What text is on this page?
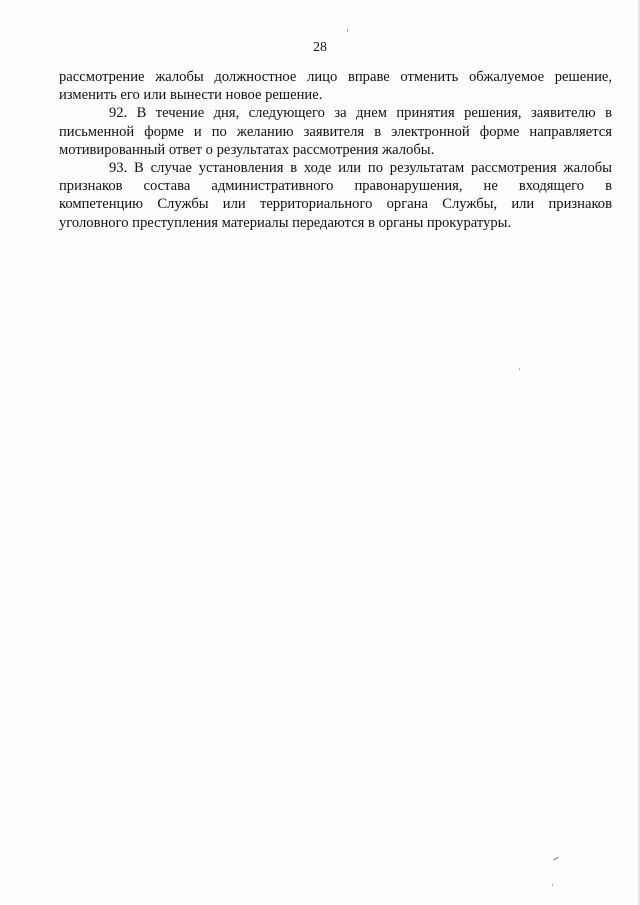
28
рассмотрение жалобы должностное лицо вправе отменить обжалуемое решение,
изменить его или вынести новое решение.
92. В течение дня, следующего за днем принятия решения, заявителю в
письменной форме и по желанию заявителя в электронной форме направляется
мотивированный ответ о результатах рассмотрения жалобы.
93. В случае установления в ходе или по результатам рассмотрения жалобы
признаков состава административного правонарушения, не входящего в
компетенцию Службы или территориального органа Службы, или признаков
уголовного преступления материалы передаются в органы прокуратуры.
